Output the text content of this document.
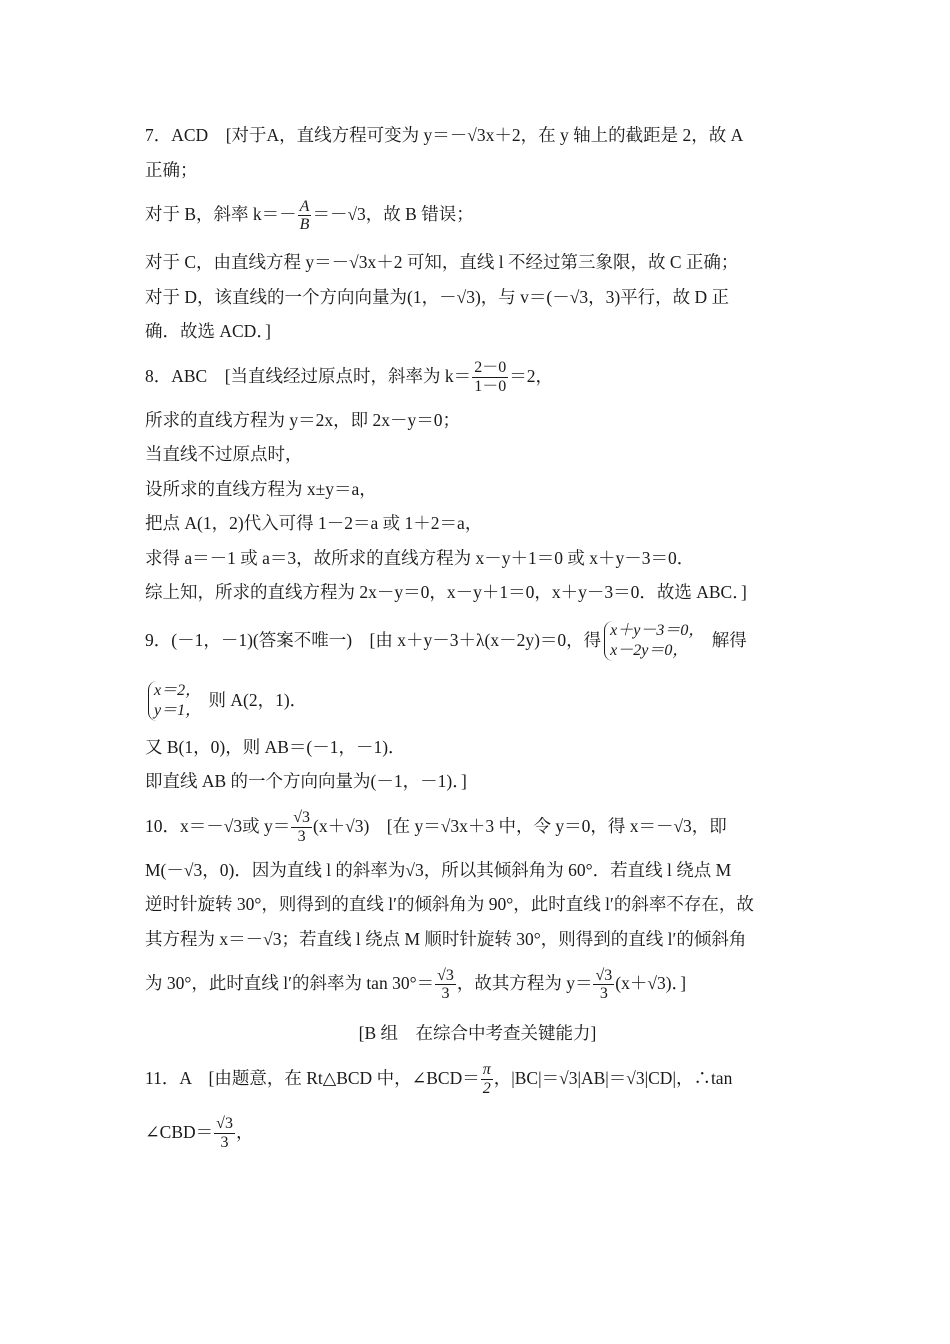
7．ACD　[对于A，直线方程可变为 y＝－√3x＋2，在 y 轴上的截距是 2，故 A
正确；
对于 B，斜率 $k=- \frac{A}{B} =-√3$，故 B 错误；
对于 C，由直线方程 y＝－√3x＋2 可知，直线 l 不经过第三象限，故 C 正确；
对于 D，该直线的一个方向向量为(1，－√3)，与 v＝(－√3，3)平行，故 D 正
确．故选 ACD．]
8．ABC　[当直线经过原点时，斜率为 $k= \frac{2-0}{1-0} =2$，
所求的直线方程为 y＝2x，即 2x－y＝0；
当直线不过原点时，
设所求的直线方程为 x±y＝a，
把点 A(1，2)代入可得 1－2＝a 或 1＋2＝a，
求得 a＝－1 或 a＝3，故所求的直线方程为 x－y＋1＝0 或 x＋y－3＝0．
综上知，所求的直线方程为 2x－y＝0，x－y＋1＝0，x＋y－3＝0．故选 ABC．]
9．(－1，－1)(答案不唯一)　[由 x＋y－3＋λ(x－2y)＝0，得 x＋y－3＝0，
x－2y＝0，
解得
x＝2，
y＝1，
则 A(2，1)．
又 B(1，0)，则 AB＝(－1，－1)．
即直线 AB 的一个方向向量为(－1，－1)．]
10．x＝－√3或 $y= \frac{√3}{3} (x+√3)$　[在 y＝√3x＋3 中，令 y＝0，得 x＝－√3，即
M(－√3，0)．因为直线 l 的斜率为√3，所以其倾斜角为 60°．若直线 l 绕点 M
逆时针旋转 30°，则得到的直线 l′的倾斜角为 90°，此时直线 l′的斜率不存在，故
其方程为 x＝－√3；若直线 l 绕点 M 顺时针旋转 30°，则得到的直线 l′的倾斜角
为 30°，此时直线 l′的斜率为 $\tan 30^\circ= \frac{√3}{3}$ ，故其方程为 $y= \frac{√3}{3} (x+√3)$．]
[B 组　在综合中考查关键能力]
11．A　[由题意，在 Rt△BCD 中，∠BCD＝ $\frac{\pi}{2}$ ，|BC|＝√3|AB|＝√3|CD|，∴tan
∠CBD＝ $\frac{√3}{3}$ ，
